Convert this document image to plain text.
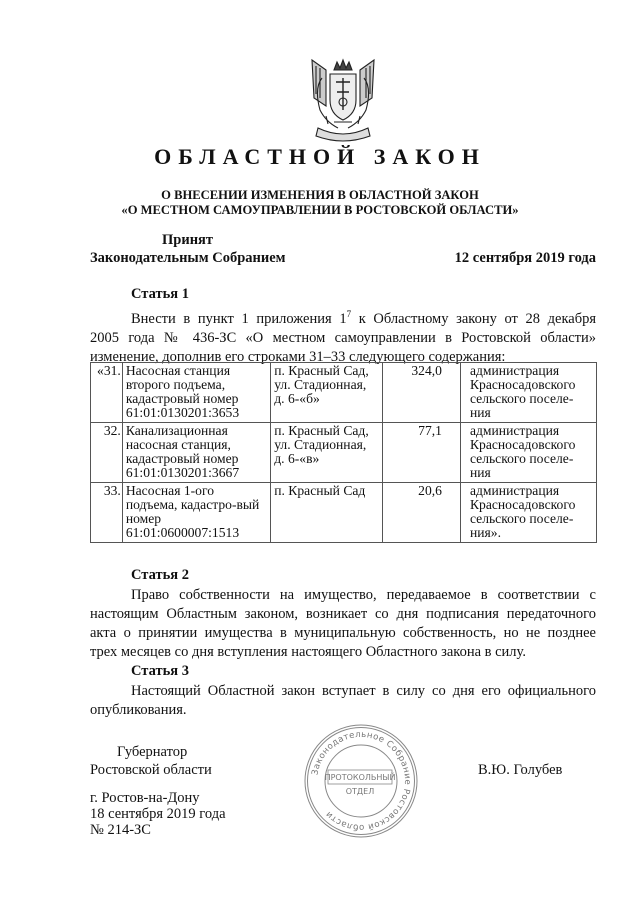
ОБЛАСТНОЙ ЗАКОН
О ВНЕСЕНИИ ИЗМЕНЕНИЯ В ОБЛАСТНОЙ ЗАКОН
«О МЕСТНОМ САМОУПРАВЛЕНИИ В РОСТОВСКОЙ ОБЛАСТИ»
Принят
Законодательным Собранием	12 сентября 2019 года
Статья 1
Внести в пункт 1 приложения $1^7$ к Областному закону от 28 декабря
2005 года № 436-ЗС «О местном самоуправлении в Ростовской области»
изменение, дополнив его строками 31–33 следующего содержания:
«31.	Насосная станция второго подъема, кадастровый номер 61:01:0130201:3653	п. Красный Сад, ул. Стадионная, д. 6-«б»	324,0	администрация Красносадовского сельского поселе-ния
32.	Канализационная насосная станция, кадастровый номер 61:01:0130201:3667	п. Красный Сад, ул. Стадионная, д. 6-«в»	77,1	администрация Красносадовского сельского поселе-ния
33.	Насосная 1-ого подъема, кадастро-вый номер 61:01:0600007:1513	п. Красный Сад	20,6	администрация Красносадовского сельского поселе-ния».
Статья 2
Право собственности на имущество, передаваемое в соответствии с
настоящим Областным законом, возникает со дня подписания передаточного
акта о принятии имущества в муниципальную собственность, но не позднее
трех месяцев со дня вступления настоящего Областного закона в силу.
Статья 3
Настоящий Областной закон вступает в силу со дня его официального
опубликования.
Законодательное Собрание Ростовской области
ПРОТОКОЛЬНЫЙ
ОТДЕЛ
Губернатор
Ростовской области	В.Ю. Голубев
г. Ростов-на-Дону
18 сентября 2019 года
№ 214-ЗС
